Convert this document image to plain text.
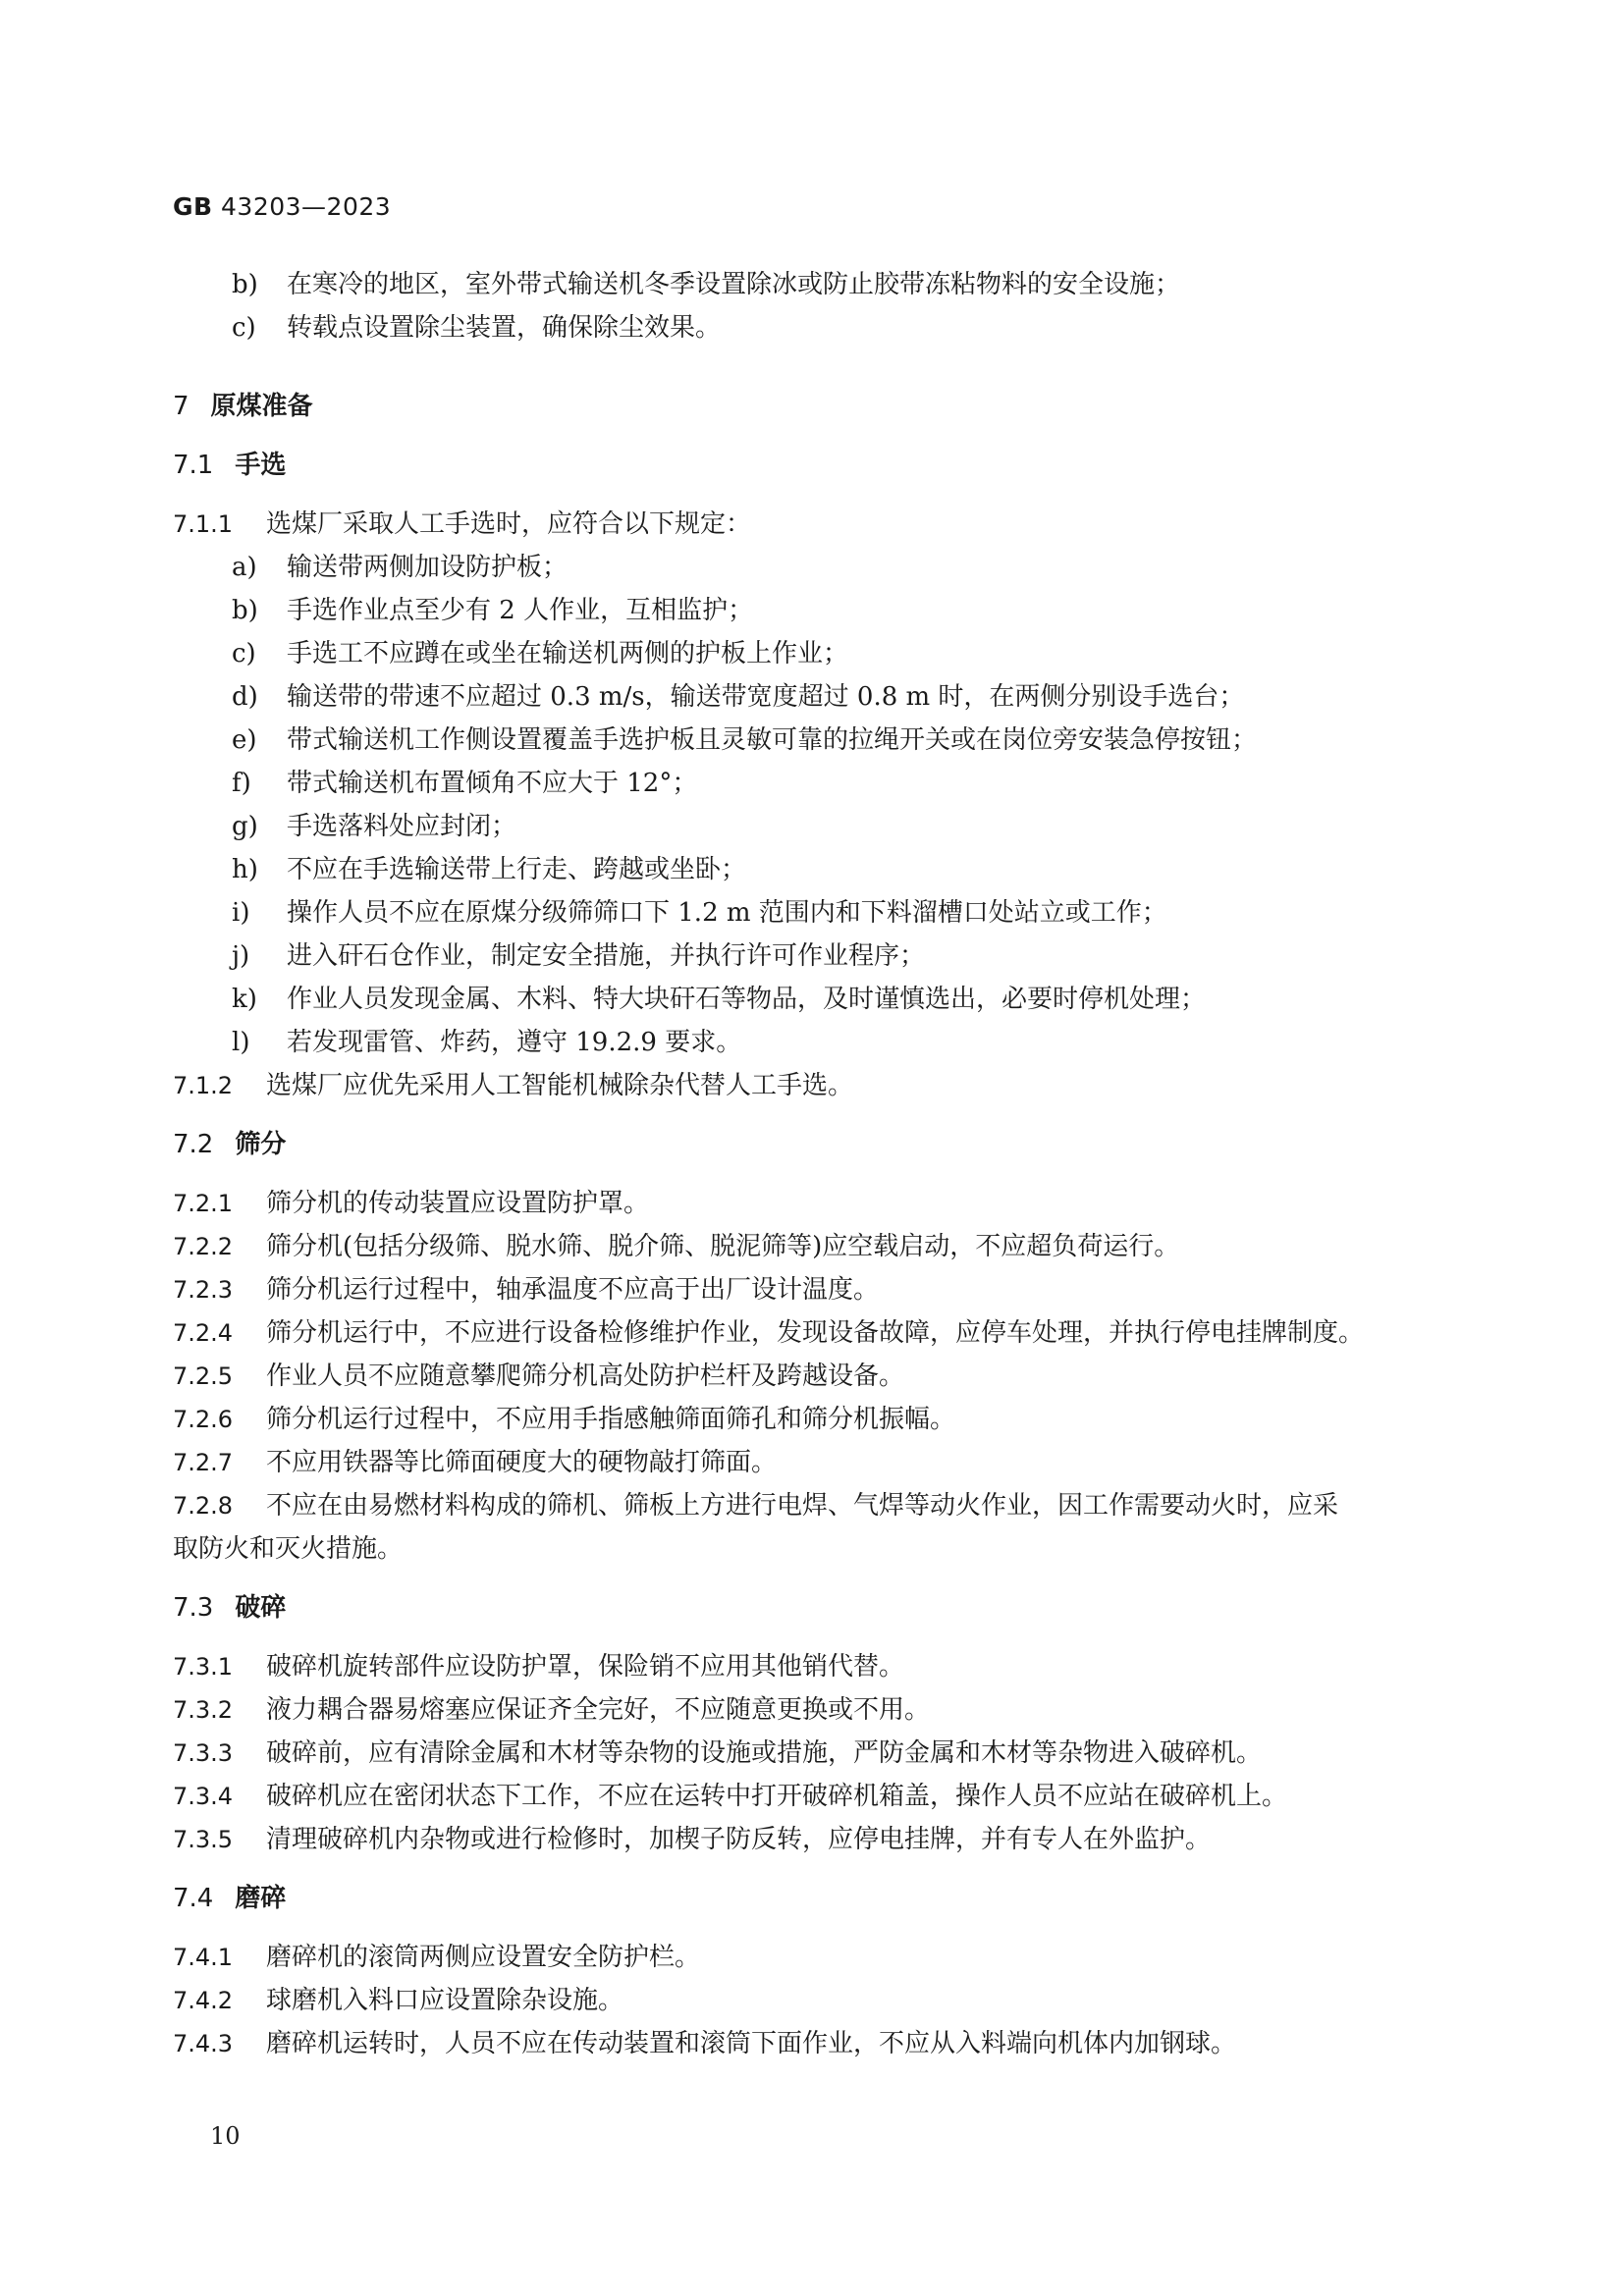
GB 43203—2023
b) 在寒冷的地区，室外带式输送机冬季设置除冰或防止胶带冻粘物料的安全设施；
c) 转载点设置除尘装置，确保除尘效果。
7 原煤准备
7.1 手选
7.1.1 选煤厂采取人工手选时，应符合以下规定：
a) 输送带两侧加设防护板；
b) 手选作业点至少有 2 人作业，互相监护；
c) 手选工不应蹲在或坐在输送机两侧的护板上作业；
d) 输送带的带速不应超过 0.3 m/s，输送带宽度超过 0.8 m 时，在两侧分别设手选台；
e) 带式输送机工作侧设置覆盖手选护板且灵敏可靠的拉绳开关或在岗位旁安装急停按钮；
f) 带式输送机布置倾角不应大于 12°；
g) 手选落料处应封闭；
h) 不应在手选输送带上行走、跨越或坐卧；
i) 操作人员不应在原煤分级筛筛口下 1.2 m 范围内和下料溜槽口处站立或工作；
j) 进入矸石仓作业，制定安全措施，并执行许可作业程序；
k) 作业人员发现金属、木料、特大块矸石等物品，及时谨慎选出，必要时停机处理；
l) 若发现雷管、炸药，遵守 19.2.9 要求。
7.1.2 选煤厂应优先采用人工智能机械除杂代替人工手选。
7.2 筛分
7.2.1 筛分机的传动装置应设置防护罩。
7.2.2 筛分机(包括分级筛、脱水筛、脱介筛、脱泥筛等)应空载启动，不应超负荷运行。
7.2.3 筛分机运行过程中，轴承温度不应高于出厂设计温度。
7.2.4 筛分机运行中，不应进行设备检修维护作业，发现设备故障，应停车处理，并执行停电挂牌制度。
7.2.5 作业人员不应随意攀爬筛分机高处防护栏杆及跨越设备。
7.2.6 筛分机运行过程中，不应用手指感触筛面筛孔和筛分机振幅。
7.2.7 不应用铁器等比筛面硬度大的硬物敲打筛面。
7.2.8 不应在由易燃材料构成的筛机、筛板上方进行电焊、气焊等动火作业，因工作需要动火时，应采
取防火和灭火措施。
7.3 破碎
7.3.1 破碎机旋转部件应设防护罩，保险销不应用其他销代替。
7.3.2 液力耦合器易熔塞应保证齐全完好，不应随意更换或不用。
7.3.3 破碎前，应有清除金属和木材等杂物的设施或措施，严防金属和木材等杂物进入破碎机。
7.3.4 破碎机应在密闭状态下工作，不应在运转中打开破碎机箱盖，操作人员不应站在破碎机上。
7.3.5 清理破碎机内杂物或进行检修时，加楔子防反转，应停电挂牌，并有专人在外监护。
7.4 磨碎
7.4.1 磨碎机的滚筒两侧应设置安全防护栏。
7.4.2 球磨机入料口应设置除杂设施。
7.4.3 磨碎机运转时，人员不应在传动装置和滚筒下面作业，不应从入料端向机体内加钢球。
10
